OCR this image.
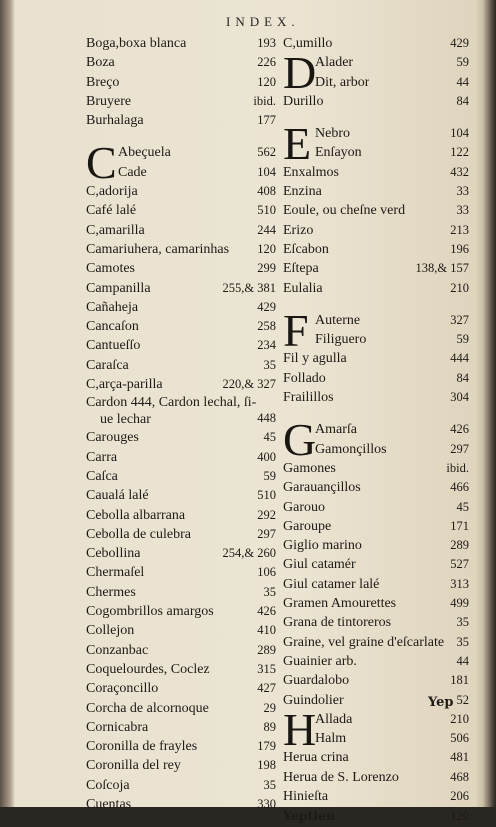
INDEX.
Boga,boxa blanca	193
Boza	226
Breço	120
Bruyere	ibid.
Burhalaga	177
C Abeçuela	562
Cade	104
C,adorija	408
Café lalé	510
C,amarilla	244
Camariuhera, camarinhas	120
Camotes	299
Campanilla	255,& 381
Cañaheja	429
Cancaſon	258
Cantueſſo	234
Caraſca	35
C,arça-parilla	220,& 327
Cardon 444, Cardon lechal, ſi-
ue lechar	448
Carouges	45
Carra	400
Caſca	59
Caualá lalé	510
Cebolla albarrana	292
Cebolla de culebra	297
Cebollina	254,& 260
Chermaſel	106
Chermes	35
Cogombrillos amargos	426
Collejon	410
Conzanbac	289
Coquelourdes, Coclez	315
Coraçoncillo	427
Corcha de alcornoque	29
Cornicabra	89
Coronilla de frayles	179
Coronilla del rey	198
Coſcoja	35
Cuentas	330
C,umillo	429
D
Alader	59
Dit, arbor	44
Durillo	84
E Nebro	104
Enſayon	122
Enxalmos	432
Enzina	33
Eoule, ou cheſne verd	33
Erizo	213
Eſcabon	196
Eſtepa	138,& 157
Eulalia	210
F Auterne	327
Filiguero	59
Fil y agulla	444
Follado	84
Frailillos	304
G
Amarſa	426
Gamonçillos	297
Gamones	ibid.
Garauançillos	466
Garouo	45
Garoupe	171
Giglio marino	289
Giul catamér	527
Giul catamer lalé	313
Gramen Amourettes	499
Grana de tintoreros	35
Graine, vel graine d'eſcarlate 35
Guainier arb.	44
Guardalobo	181
Guindolier	52
H
Allada	210
Halm	506
Herua crina	481
Herua de S. Lorenzo	468
Hinieſta	206
Yeptien	120
Yep
